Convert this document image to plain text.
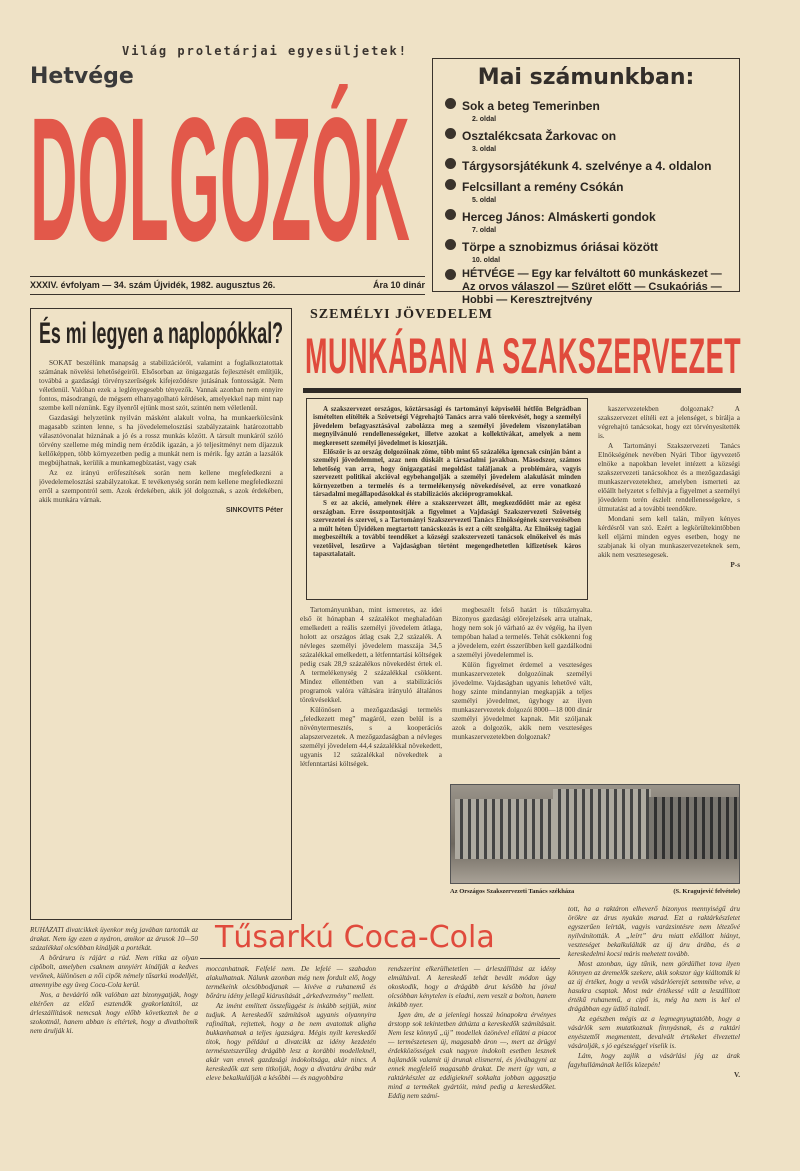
Világ proletárjai egyesüljetek!
Hetvége
DOLGOZÓK
XXXIV. évfolyam — 34. szám Újvidék, 1982. augusztus 26.	Ára 10 dinár
Mai számunkban:
Sok a beteg Temerinben
2. oldal
Osztalékcsata Žarkovac on
3. oldal
Tárgysorsjátékunk 4. szelvénye a 4. oldalon
Felcsillant a remény Csókán
5. oldal
Herceg János: Almáskerti gondok
7. oldal
Törpe a sznobizmus óriásai között
10. oldal
HÉTVÉGE — Egy kar felváltott 60 munkáskezet — Az orvos válaszol — Szüret előtt — Csukaóriás — Hobbi — Keresztrejtvény
És mi legyen a naplopókkal?

SOKAT beszélünk manapság a stabilizációról, valamint a foglalkoztatottak számának növelési lehetőségeiről. Elsősorban az önigazgatás fejlesztését említjük, továbbá a gazdasági törvényszerűségek kifejeződésre jutásának fontosságát. Nem véletlenül. Valóban ezek a leglényegesebb tényezők. Vannak azonban nem ennyire fontos, másodrangú, de mégsem elhanyagolható kérdések, amelyekkel nap mint nap szembe kell néznünk. Egy ilyenről ejtünk most szót, szintén nem véletlenül.

Gazdasági helyzetünk nyilván másként alakult volna, ha munkaerkölcsünk magasabb szinten lenne, s ha jövedelemelosztási szabályzataink határozottabb választóvonalat húznának a jó és a rossz munkás között. A társult munkáról szóló törvény szelleme még mindig nem érződik igazán, a jó teljesítményt nem díjazzuk kellőképpen, több környezetben pedig a munkát nem is mérik. Így aztán a lazsálók megbújhatnak, kerülik a munkamegbízatást, vagy csak

Az ez irányú erőfeszítések során nem kellene megfeledkezni a jövedelemelosztási szabályzatokat. E tevékenység során nem kellene megfeledkezni erről a szempontról sem. Azok érdekében, akik jól dolgoznak, s azok érdekében, akik munkára várnak.

SINKOVITS Péter
SZEMÉLYI JÖVEDELEM
MUNKÁBAN A SZAKSZERVEZET

A szakszervezet országos, köztársasági és tartományi képviselői hétfőn Belgrádban ismételten elítélték a Szövetségi Végrehajtó Tanács arra való törekvését, hogy a személyi jövedelem befagyasztásával zabolázza meg a személyi jövedelem viszonylatában megnyilvánuló rendellenességeket, illetve azokat a kollektívákat, amelyek a nem megkeresett személyi jövedelmet is kiosztják.

Először is az ország dolgozóinak zöme, több mint 65 százaléka igencsak csínján bánt a személyi jövedelemmel, azaz nem dúskált a társadalmi javakban. Másodszor, számos lehetőség van arra, hogy önigazgatási megoldást találjanak a problémára, vagyis szervezett politikai akcióval egybehangolják a személyi jövedelem alakulását minden környezetben a termelés és a termelékenység növekedésével, az erre vonatkozó társadalmi megállapodásokkal és stabilizációs akcióprogramokkal.

S ez az akció, amelynek élére a szakszervezet állt, megkezdődött már az egész országban. Erre összpontosítják a figyelmet a Vajdasági Szakszervezeti Szövetség szervezetei és szervei, s a Tartományi Szakszervezeti Tanács Elnökségének szervezésében a múlt héten Újvidéken megtartott tanácskozás is ezt a célt szolgálta. Az Elnökség tagjai megbeszélték a további teendőket a községi szakszervezeti tanácsok elnökeivel és más vezetőivel, leszűrve a Vajdaságban történt megengedhetetlen kifizetések káros tapasztalatait.

Tartományunkban, mint ismeretes, az idei első öt hónapban 4 százalékot meghaladóan emelkedett a reális személyi jövedelem átlaga, holott az országos átlag csak 2,2 százalék. A névleges személyi jövedelem masszája 34,5 százalékkal emelkedett, a létfenntartási költségek pedig csak 28,9 százalékos növekedést értek el. A termelékenység 2 százalékkal csökkent. Mindez ellentétben van a stabilizációs programok valóra váltására irányuló általános törekvésekkel.

Különösen a mezőgazdasági termelés „feledkezett meg” magáról, ezen belül is a növénytermesztés, s a kooperációs alapszervezetek. A mezőgazdaságban a névleges személyi jövedelem 44,4 százalékkal növekedett, ugyanis 12 százalékkal növekedtek a létfenntartási költségek.

megbeszélt felső határt is túlszárnyalta. Bizonyos gazdasági előrejelzések arra utalnak, hogy nem sok jó várható az év végéig, ha ilyen tempóban halad a termelés. Tehát csökkenni fog a jövedelem, ezért ésszerűbben kell gazdálkodni a személyi jövedelemmel is.

Külön figyelmet érdemel a veszteséges munkaszervezetek dolgozóinak személyi jövedelme. Vajdaságban ugyanis lehetővé vált, hogy szinte mindannyian megkapják a teljes személyi jövedelmet, úgyhogy az ilyen munkaszervezetek dolgozói 8000—18 000 dinár személyi jövedelmet kapnak. Mit szóljanak azok a dolgozók, akik nem veszteséges munkaszervezetekben dolgoznak?

kaszervezetekben dolgoznak? A szakszervezet elítéli ezt a jelenséget, s bírálja a végrehajtó tanácsokat, hogy ezt törvényesítették is.

A Tartományi Szakszervezeti Tanács Elnökségének nevében Nyári Tibor ügyvezető elnöke a napokban levelet intézett a községi szakszervezeti tanácsokhoz és a mezőgazdasági munkaszervezetekhez, amelyben ismerteti az előállt helyzetet s felhívja a figyelmet a személyi jövedelem terén észlelt rendellenességekre, s útmutatást ad a további teendőkre.

Mondani sem kell talán, milyen kényes kérdésről van szó. Ezért a legkörültekintőbben kell eljárni minden egyes esetben, hogy ne szabjanak ki olyan munkaszervezeteknek sem, akik nem vesztesegesek.

P-s
Az Országos Szakszervezeti Tanács székháza	(S. Kragujević felvétele)
Tűsarkú Coca-Cola

RUHÁZATI divatcikkek üyenkor még javában tartották az árakat. Nem így ezen a nyáron, amikor az árusok 10—50 százalékkal olcsóbban kínálják a portékát.

A bőrárura is rájárt a rúd. Nem ritka az olyan cipőbolt, amelyben csaknem annyiért kínálják a kedves vevőnek, különösen a női cipők némely tűsarkú modelljét, amennyibe egy üveg Coca-Cola kerül.

Nos, a beváárló nők valóban azt bizonygatják, hogy eltérően az előző esztendők gyakorlatától, az árleszállítások nemcsak hogy előbb következtek be a szokottnál, hanem abban is eltértek, hogy a divatholmik nem árulják ki.

moccanhatnak. Felfelé nem. De lefelé — szabadon alakulhatnak. Nálunk azonban még nem fordult elő, hogy termékeink olcsóbbodjanak — kivéve a ruhanemű és bőráru idény jellegű kiárusítását „árkedvezmény” mellett.

Az imént említett összefüggést is inkább sejtjük, mint tudjuk. A kereskedői számítások ugyanis olyannyira rafináltak, rejtettek, hogy a be nem avatottak aligha bukkanhatnak a teljes igazságra. Mégis nyílt kereskedői titok, hogy például a divatcikk az idény kezdetén természetszerűleg drágább lesz a korábbi modelleknél, akár van ennek gazdasági indokoltsága, akár nincs. A kereskedők azt sem titkolják, hogy a divatáru árába már eleve bekalkulálják a későbbi — és nagyobbára

rendszerint elkerülhetetlen — árleszállítást az idény elmúltával. A kereskedő tehát bevált módon úgy okoskodik, hogy a drágább árut később ha jóval olcsóbban kénytelen is eladni, nem veszít a bolton, hanem inkább nyer.

Igen ám, de a jelenlegi hosszú hónapokra érvényes árstopp sok tekintetben áthúzta a kereskedők számításait. Nem lesz könnyű „új” modellek özönével ellátni a piacot — természetesen új, magasabb áron —, mert az árügyi érdekközösségek csak nagyon indokolt esetben lesznek hajlandók valamit új árunak elismerni, és jóváhagyni az ennek megfelelő magasabb árakat. De mert így van, a raktárkészlet az eddigieknél sokkalta jobban aggasztja mind a termékek gyártóit, mind pedig a kereskedőket. Eddig nem számí-

tott, ha a raktáron elheverő bizonyos mennyiségű áru örökre az árus nyakán marad. Ezt a raktárkészletet egyszerűen leírták, vagyis varázsintésre nem létezővé nyilvánították. A „leírt” áru miatt előállott hiányt, veszteséget bekalkulálták az új áru árába, és a kereskedelmi kocsi máris mehetett tovább.

Most azonban, úgy tűnik, nem gördülhet tova ilyen könnyen az áremelők szekere, akik sokszor úgy kiáltották ki az új értéket, hogy a vevők vásárlóerejét semmibe véve, a hasukra csaptak. Most már értékessé vált a leszállított értékű ruhanemű, a cipő is, még ha nem is kel el drágábban egy üdítő italnál.

Az egészben mégis az a legmegnyugtatóbb, hogy a vásárlók sem mutatkoznak finnyásnak, és a raktári enyészettől megmentett, devalvált értékeket élvezettel vásárolják, s jó egészséggel viselik is.

Lám, hogy zajlik a vásárlási jég az árak fagyhullámának kellős közepén!

V.
